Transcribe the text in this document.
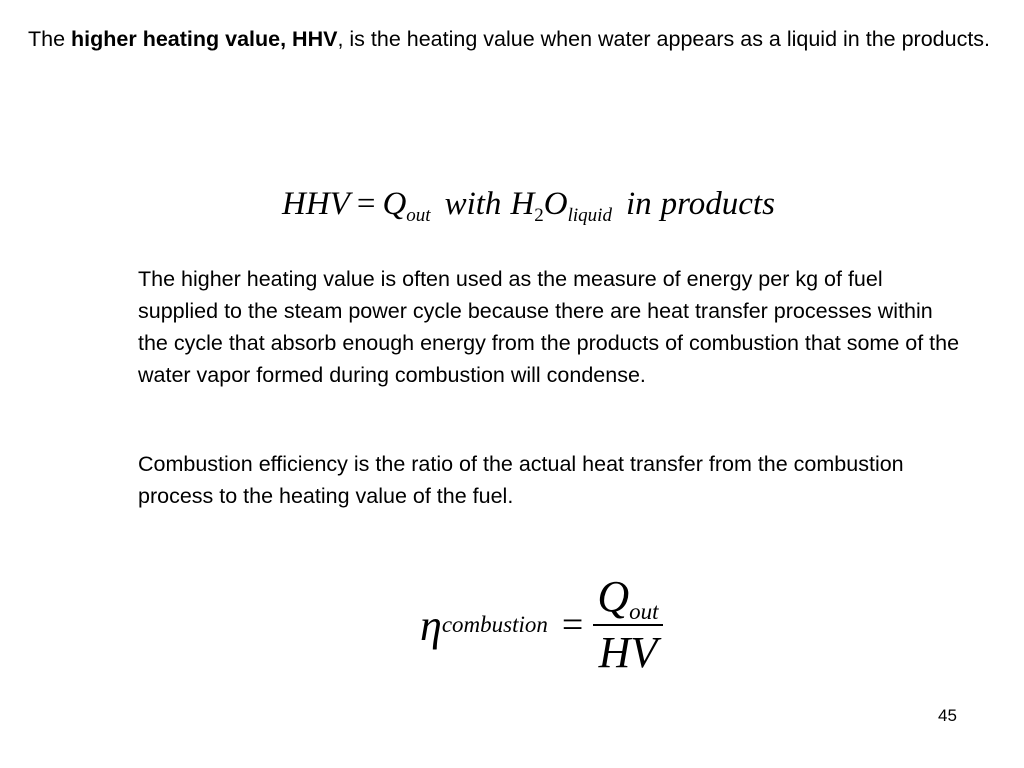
The higher heating value, HHV, is the heating value when water appears as a liquid in the products.
HHV = $Q_{out}$ with $H_2O_{liquid}$ in products
The higher heating value is often used as the measure of energy per kg of fuel supplied to the steam power cycle because there are heat transfer processes within the cycle that absorb enough energy from the products of combustion that some of the water vapor formed during combustion will condense.
Combustion efficiency is the ratio of the actual heat transfer from the combustion process to the heating value of the fuel.
η combustion = $\frac{Q_{out}}{HV}$
45
